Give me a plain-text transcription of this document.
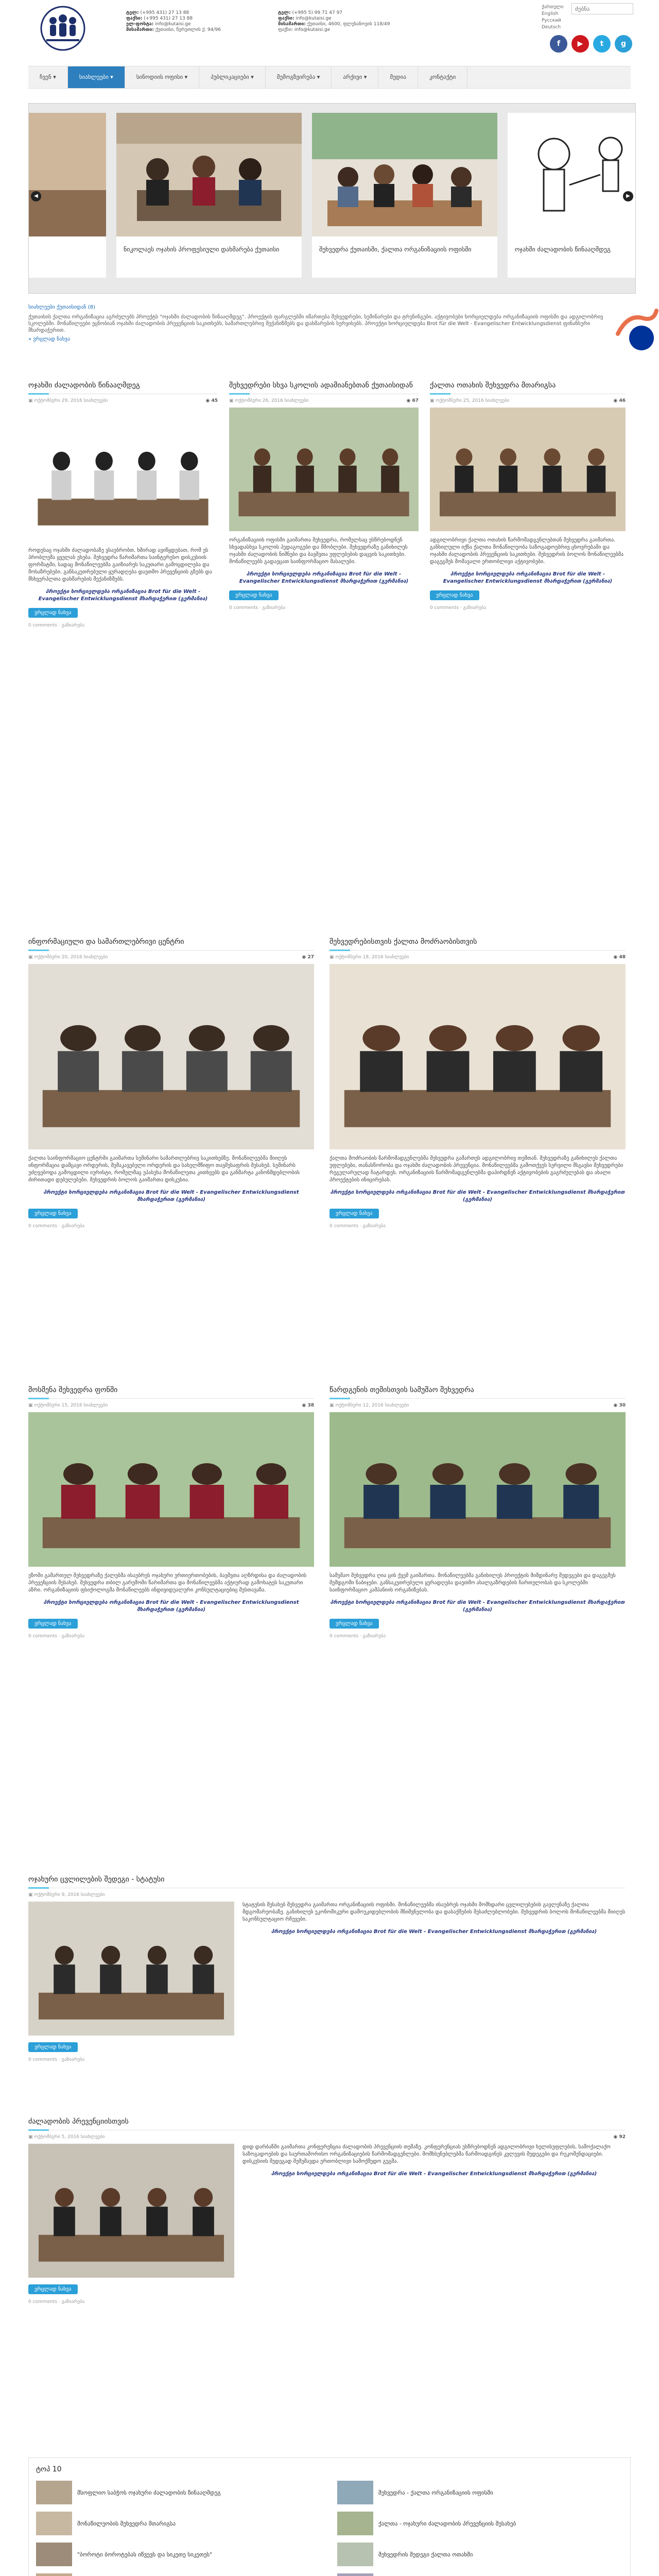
ტელ: (+995 431) 27 13 88
ფაქსი: (+995 431) 27 13 88
ელ-ფოსტა: info@kutaisi.ge
მისამართი: ქუთაისი, წერეთლის ქ. 94/96
ტელ: (+995 5) 99 71 47 97
ფაქსი: info@kutaisi.ge
მისამართი: ქუთაისი, 4600, ფლეხანოვის 118/49
ფაქსი: info@kutaisi.ge
ქართული
English
Русский
Deutsch
ძებნა
f	▶	t	g
ჩვენ ▾	სიახლეები ▾	სინოდიის ოფისი ▾	პუბლიკაციები ▾	შემოგზვირება ▾	არქივი ▾	მედია	კონტაქტი
ნიკოლაეს ოჯახის პროფესიული დახმარება ქუთაისი	შეხვედრა ქუთაისში, ქალთა ორგანიზაციის ოფისში	ოჯახში ძალადობის წინააღმდეგ
◀	▶
სიახლეები ქუთაისიდან (8)
ქუთაისის ქალთა ორგანიზაცია აგრძელებს პროექტს "ოჯახში ძალადობის წინააღმდეგ". პროექტის ფარგლებში იმართება შეხვედრები, სემინარები და ტრენინგები. აქტივობები ხორციელდება ორგანიზაციის ოფისში და ადგილობრივ სკოლებში. მონაწილეები ეცნობიან ოჯახში ძალადობის პრევენციის საკითხებს, სამართლებრივ მექანიზმებს და დახმარების სერვისებს. პროექტი ხორციელდება Brot für die Welt - Evangelischer Entwicklungsdienst ფინანსური მხარდაჭერით.
» ვრცლად ნახვა
ოჯახში ძალადობის წინააღმდეგ
▣ ოქტომბერი 29, 2016 სიახლეები	◉ 45
როდესაც ოჯახში ძალადობაზე ვსაუბრობთ, ხშირად ავიწყდებათ, რომ ეს პრობლემა ყველას ეხება. შეხვედრა წარიმართა საინტერესო დისკუსიის ფორმატში, სადაც მონაწილეებმა გაიზიარეს საკუთარი გამოცდილება და მოსაზრებები. განსაკუთრებული ყურადღება დაეთმო პრევენციის გზებს და მსხვერპლთა დახმარების მექანიზმებს.
პროექტი ხორციელდება ორგანიზაცია Brot für die Welt - Evangelischer Entwicklungsdienst მხარდაჭერით (გერმანია)
ვრცლად ნახვა
0 comments · გაზიარება
შეხვედრები სხვა სკოლის ადამიანებთან ქუთაისიდან
▣ ოქტომბერი 26, 2016 სიახლეები	◉ 67
ორგანიზაციის ოფისში გაიმართა შეხვედრა, რომელსაც ესწრებოდნენ სხვადასხვა სკოლის პედაგოგები და მშობლები. შეხვედრაზე განიხილეს ოჯახში ძალადობის ნიშნები და ბავშვთა უფლებების დაცვის საკითხები. მონაწილეებს გადაეცათ საინფორმაციო მასალები.
პროექტი ხორციელდება ორგანიზაცია Brot für die Welt - Evangelischer Entwicklungsdienst მხარდაჭერით (გერმანია)
ვრცლად ნახვა
0 comments · გაზიარება
ქალთა ოთახის შეხვედრა მთარიგსა
▣ ოქტომბერი 25, 2016 სიახლეები	◉ 46
ადგილობრივი ქალთა ოთახის წარმომადგენლებთან შეხვედრა გაიმართა. განხილული იქნა ქალთა მონაწილეობა საზოგადოებრივ ცხოვრებაში და ოჯახში ძალადობის პრევენციის საკითხები. შეხვედრის ბოლოს მონაწილეებმა დაგეგმეს მომავალი ერთობლივი აქტივობები.
პროექტი ხორციელდება ორგანიზაცია Brot für die Welt - Evangelischer Entwicklungsdienst მხარდაჭერით (გერმანია)
ვრცლად ნახვა
0 comments · გაზიარება
ინფორმაციული და სამართლებრივი ცენტრი
▣ ოქტომბერი 20, 2016 სიახლეები	◉ 27
ქალთა საინფორმაციო ცენტრში გაიმართა სემინარი სამართლებრივ საკითხებზე. მონაწილეებმა მიიღეს ინფორმაცია დამცავი ორდერის, შემაკავებელი ორდერის და სახელმწიფო თავშესაფრის შესახებ. სემინარს უძღვებოდა გამოცდილი იურისტი, რომელმაც უპასუხა მონაწილეთა კითხვებს და განმარტა კანონმდებლობის ძირითადი დებულებები. შეხვედრის ბოლოს გაიმართა დისკუსია.
პროექტი ხორციელდება ორგანიზაცია Brot für die Welt - Evangelischer Entwicklungsdienst მხარდაჭერით (გერმანია)
ვრცლად ნახვა
0 comments · გაზიარება
შეხვედრებისთვის ქალთა მოძრაობისთვის
▣ ოქტომბერი 18, 2016 სიახლეები	◉ 48
ქალთა მოძრაობის წარმომადგენლებმა შეხვედრა გამართეს ადგილობრივ თემთან. შეხვედრაზე განიხილეს ქალთა უფლებები, თანასწორობა და ოჯახში ძალადობის პრევენცია. მონაწილეებმა გამოთქვეს სურვილი მსგავსი შეხვედრები რეგულარულად ჩატარდეს. ორგანიზაციის წარმომადგენლებმა დაპირდნენ აქტივობების გაგრძელებას და ახალი პროექტების ინიცირებას.
პროექტი ხორციელდება ორგანიზაცია Brot für die Welt - Evangelischer Entwicklungsdienst მხარდაჭერით (გერმანია)
ვრცლად ნახვა
0 comments · გაზიარება
მოსმენა შეხვედრა ფონში
▣ ოქტომბერი 15, 2016 სიახლეები	◉ 38
ეზოში გამართულ შეხვედრაზე ქალებმა ისაუბრეს ოჯახური ურთიერთობების, ბავშვთა აღზრდისა და ძალადობის პრევენციის შესახებ. შეხვედრა თბილ გარემოში წარიმართა და მონაწილეებმა აქტიურად გამოხატეს საკუთარი აზრი. ორგანიზაციის ფსიქოლოგმა მონაწილეებს ინდივიდუალური კონსულტაციებიც შესთავაზა.
პროექტი ხორციელდება ორგანიზაცია Brot für die Welt - Evangelischer Entwicklungsdienst მხარდაჭერით (გერმანია)
ვრცლად ნახვა
0 comments · გაზიარება
წარდგენის თემისთვის სამუშაო შეხვედრა
▣ ოქტომბერი 12, 2016 სიახლეები	◉ 30
სამუშაო შეხვედრა ღია ცის ქვეშ გაიმართა. მონაწილეებმა განიხილეს პროექტის მიმდინარე შედეგები და დაგეგმეს შემდგომი ნაბიჯები. განსაკუთრებული ყურადღება დაეთმო ახალგაზრდების ჩართულობას და სკოლებში საინფორმაციო კამპანიის ორგანიზებას.
პროექტი ხორციელდება ორგანიზაცია Brot für die Welt - Evangelischer Entwicklungsdienst მხარდაჭერით (გერმანია)
ვრცლად ნახვა
0 comments · გაზიარება
ოჯახური ცვლილების შედეგი - სტატუსი
▣ ოქტომბერი 9, 2016 სიახლეები
სტატუსის შესახებ შეხვედრა გაიმართა ორგანიზაციის ოფისში. მონაწილეებმა ისაუბრეს ოჯახში მომხდარი ცვლილებების გავლენაზე ქალთა მდგომარეობაზე. განიხილეს ეკონომიკური დამოუკიდებლობის მნიშვნელობა და დასაქმების შესაძლებლობები. შეხვედრის ბოლოს მონაწილეებმა მიიღეს საკონსულტაციო რჩევები.
პროექტი ხორციელდება ორგანიზაცია Brot für die Welt - Evangelischer Entwicklungsdienst მხარდაჭერით (გერმანია)
ვრცლად ნახვა
0 comments · გაზიარება
ძალადობის პრევენციისთვის
▣ ოქტომბერი 5, 2016 სიახლეები	◉ 92
დიდ დარბაზში გაიმართა კონფერენცია ძალადობის პრევენციის თემაზე. კონფერენციას ესწრებოდნენ ადგილობრივი ხელისუფლების, სამოქალაქო საზოგადოების და საერთაშორისო ორგანიზაციების წარმომადგენლები. მომხსენებლებმა წარმოადგინეს კვლევის შედეგები და რეკომენდაციები. დისკუსიის შედეგად შემუშავდა ერთობლივი სამოქმედო გეგმა.
პროექტი ხორციელდება ორგანიზაცია Brot für die Welt - Evangelischer Entwicklungsdienst მხარდაჭერით (გერმანია)
ვრცლად ნახვა
0 comments · გაზიარება
ტოპ 10
მსოფლიო საბჭოს ოჯახური ძალადობის წინააღმდეგ	შეხვედრა - ქალთა ორგანიზაციის ოფისში
მონაწილეობის შეხვედრა მთარიგსა	ქალთა - ოჯახური ძალადობის პრევენციის შესახებ
"ბოროტი ბოროტებას იწვევს და სიკეთე სიკეთეს"	შეხვედრის შედეგი ქალთა ოთახში
